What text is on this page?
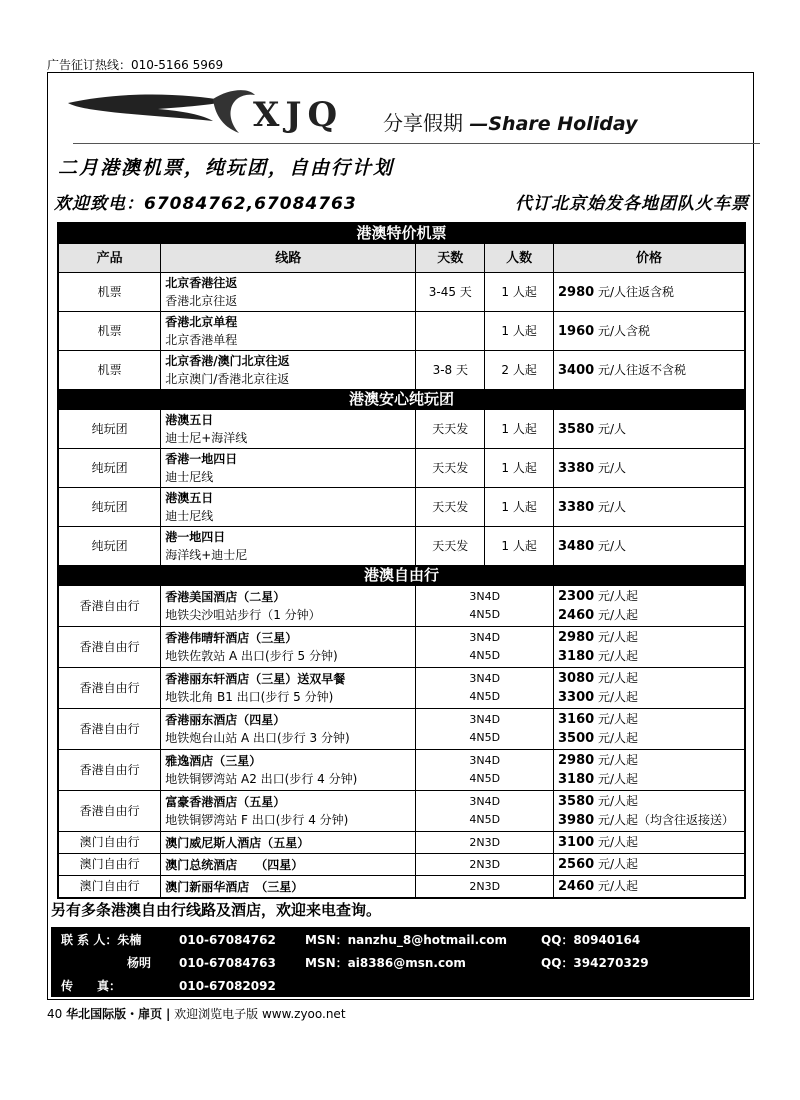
广告征订热线：010-5166 5969
XJQ 分享假期 —Share Holiday
二月港澳机票，纯玩团，自由行计划
欢迎致电：67084762,67084763	代订北京始发各地团队火车票
港澳特价机票				
产品	线路	天数	人数	价格
机票	北京香港往返
香港北京往返	3-45 天	1 人起	2980 元/人往返含税

机票	香港北京单程
北京香港单程		1 人起	1960 元/人含税

机票	北京香港/澳门北京往返
北京澳门/香港北京往返	3-8 天	2 人起	3400 元/人往返不含税

港澳安心纯玩团				
纯玩团	港澳五日
迪士尼+海洋线	天天发	1 人起	3580 元/人

纯玩团	香港一地四日
迪士尼线	天天发	1 人起	3380 元/人

纯玩团	港澳五日
迪士尼线	天天发	1 人起	3380 元/人

纯玩团	港一地四日
海洋线+迪士尼	天天发	1 人起	3480 元/人

港澳自由行				
香港自由行	香港美国酒店（二星）
地铁尖沙咀站步行（1 分钟）	3N4D
4N5D		2300 元/人起
2460 元/人起

香港自由行	香港伟晴轩酒店（三星）
地铁佐敦站 A 出口(步行 5 分钟)	3N4D
4N5D		2980 元/人起
3180 元/人起

香港自由行	香港丽东轩酒店（三星）送双早餐
地铁北角 B1 出口(步行 5 分钟)	3N4D
4N5D		3080 元/人起
3300 元/人起

香港自由行	香港丽东酒店（四星）
地铁炮台山站 A 出口(步行 3 分钟)	3N4D
4N5D		3160 元/人起
3500 元/人起

香港自由行	雅逸酒店（三星）
地铁铜锣湾站 A2 出口(步行 4 分钟)	3N4D
4N5D		2980 元/人起
3180 元/人起

香港自由行	富豪香港酒店（五星）
地铁铜锣湾站 F 出口(步行 4 分钟)	3N4D
4N5D		3580 元/人起
3980 元/人起（均含往返接送）

澳门自由行	澳门威尼斯人酒店（五星）	2N3D		3100 元/人起

澳门自由行	澳门总统酒店　　（四星）	2N3D		2560 元/人起

澳门自由行	澳门新丽华酒店　（三星）	2N3D		2460 元/人起
另有多条港澳自由行线路及酒店，欢迎来电查询。
联 系 人：朱楠	010-67084762 MSN：nanzhu_8@hotmail.com	QQ：80940164
杨明 010-67084763 MSN：ai8386@msn.com	QQ：394270329
传　　真：	010-67082092
40 华北国际版・扉页 | 欢迎浏览电子版 www.zyoo.net
